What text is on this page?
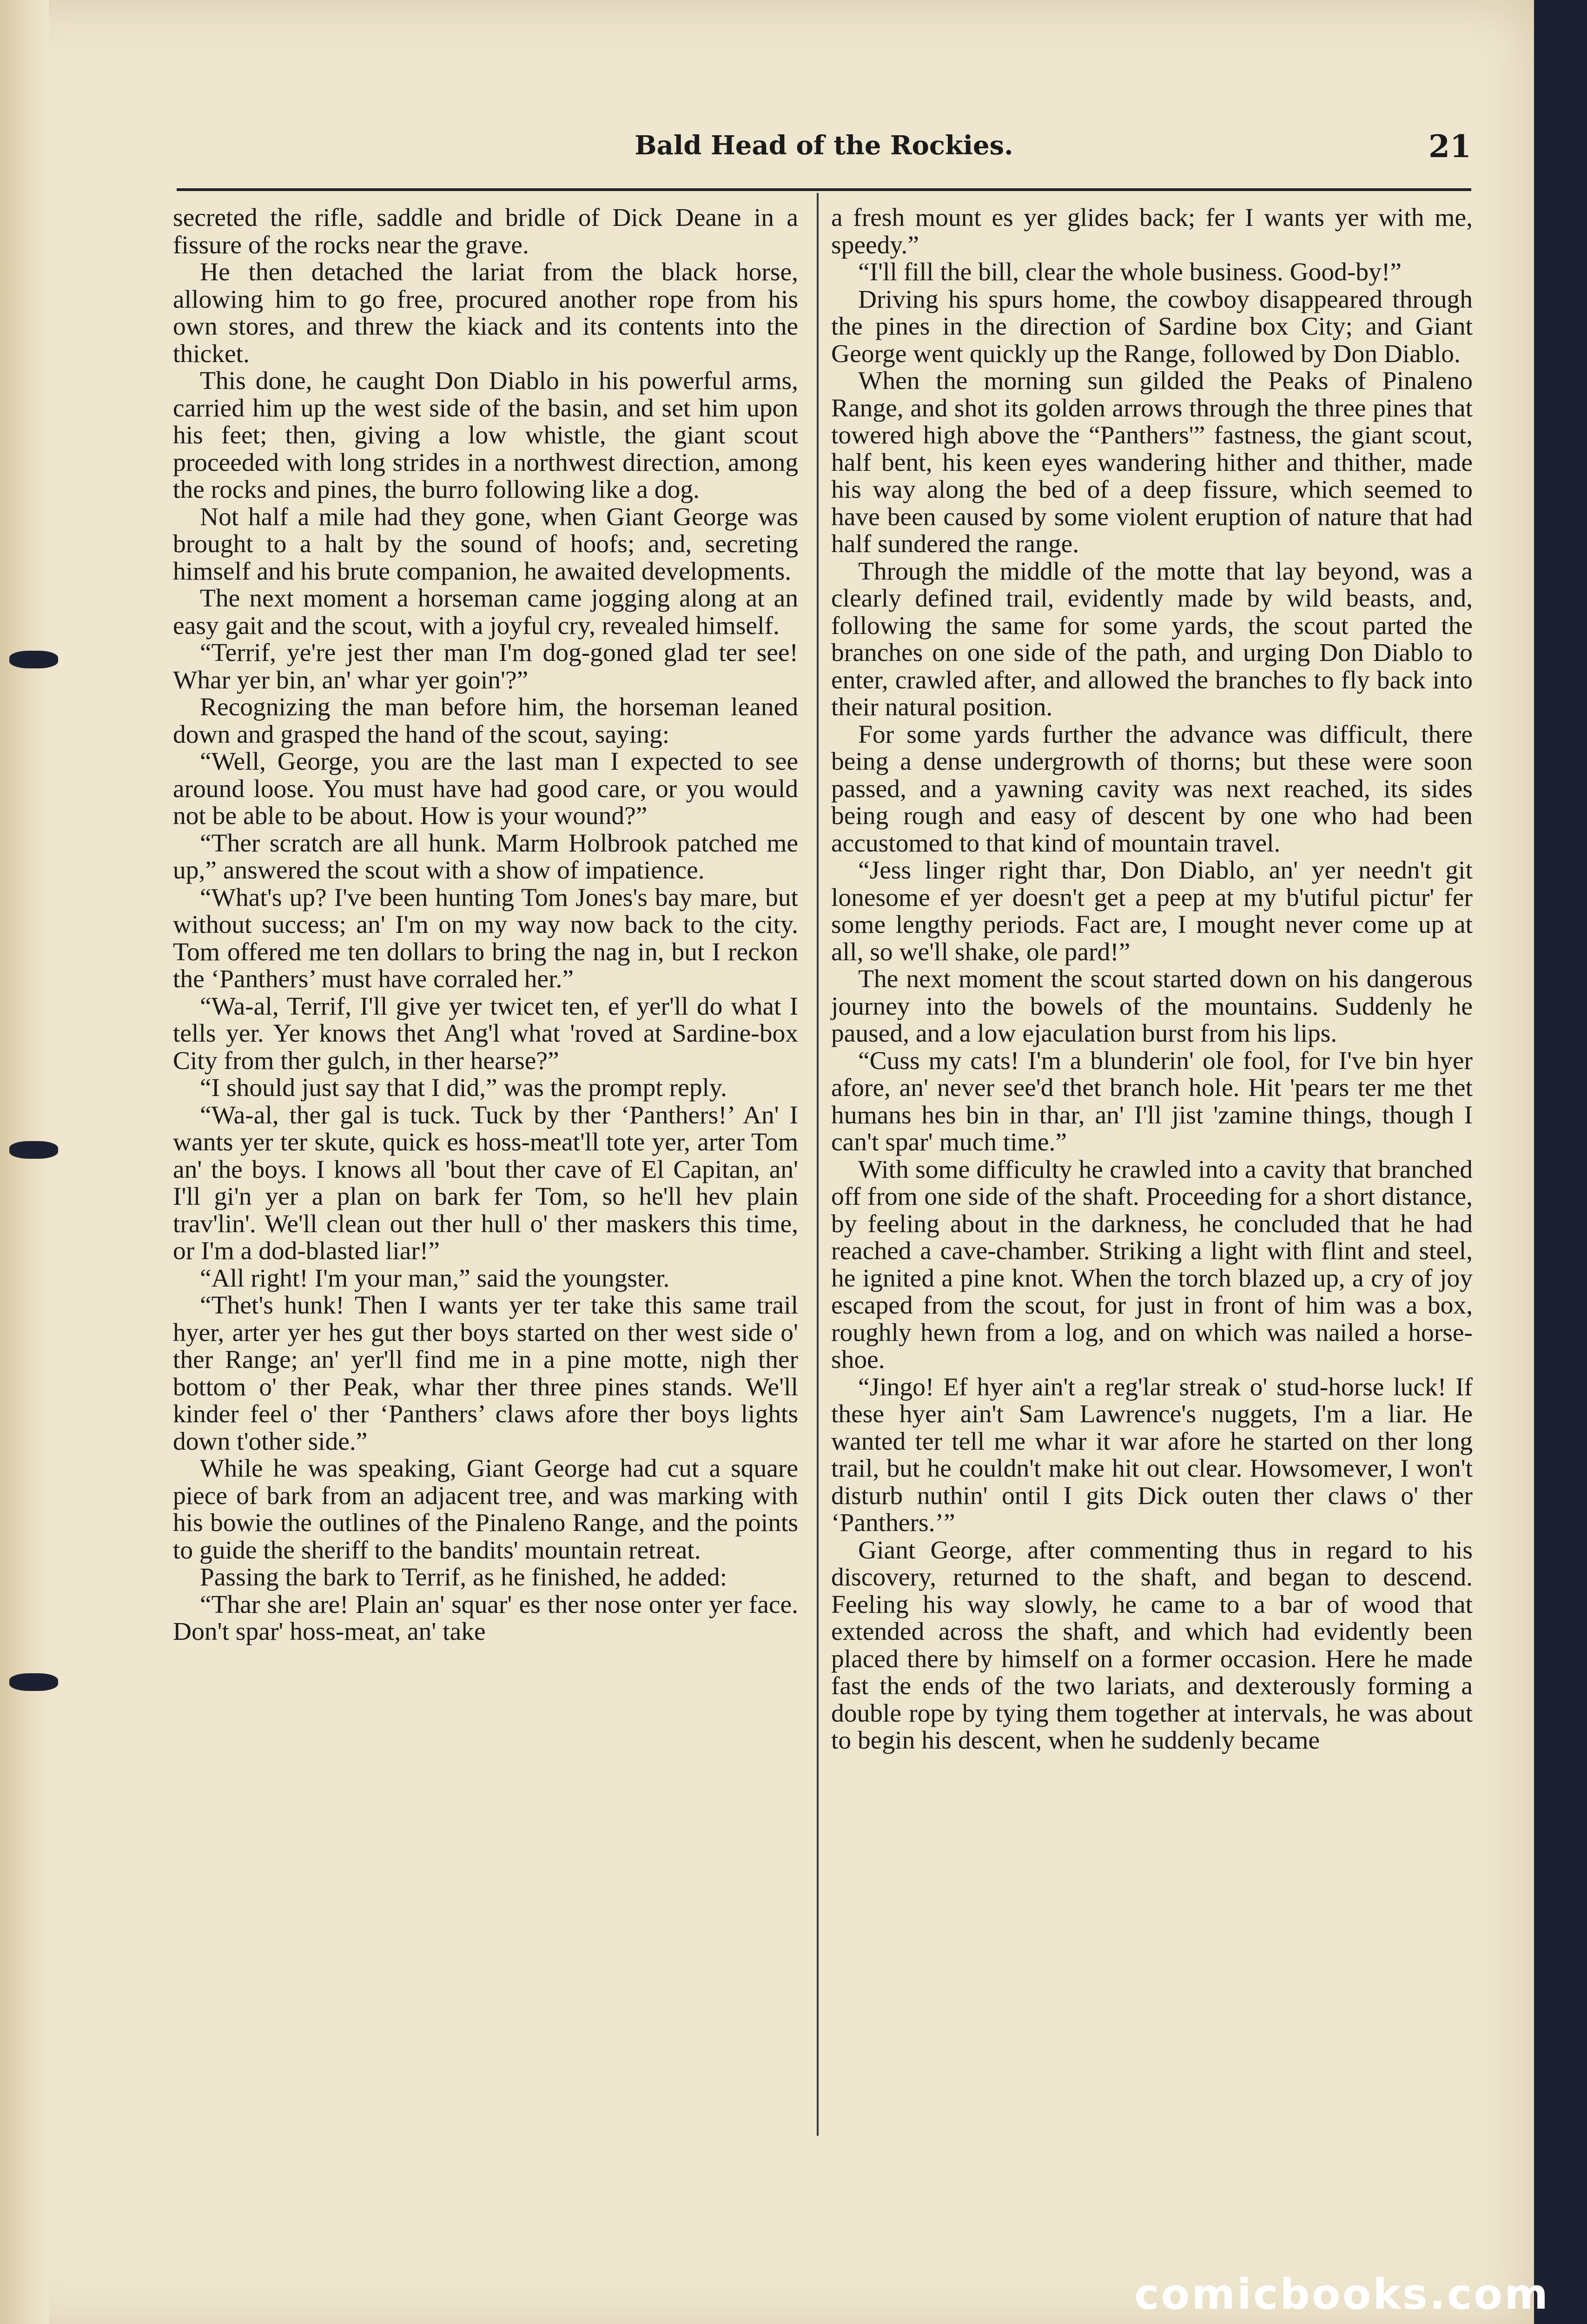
Bald Head of the Rockies.	21

secreted the rifle, saddle and bridle of Dick Deane in a fissure of the rocks near the grave.

He then detached the lariat from the black horse, allowing him to go free, procured another rope from his own stores, and threw the kiack and its contents into the thicket.

This done, he caught Don Diablo in his powerful arms, carried him up the west side of the basin, and set him upon his feet; then, giving a low whistle, the giant scout proceeded with long strides in a northwest direction, among the rocks and pines, the burro following like a dog.

Not half a mile had they gone, when Giant George was brought to a halt by the sound of hoofs; and, secreting himself and his brute companion, he awaited developments.

The next moment a horseman came jogging along at an easy gait and the scout, with a joyful cry, revealed himself.

“Terrif, ye're jest ther man I'm dog-goned glad ter see! Whar yer bin, an' whar yer goin'?”

Recognizing the man before him, the horseman leaned down and grasped the hand of the scout, saying:

“Well, George, you are the last man I expected to see around loose. You must have had good care, or you would not be able to be about. How is your wound?”

“Ther scratch are all hunk. Marm Holbrook patched me up,” answered the scout with a show of impatience.

“What's up? I've been hunting Tom Jones's bay mare, but without success; an' I'm on my way now back to the city. Tom offered me ten dollars to bring the nag in, but I reckon the ‘Panthers’ must have corraled her.”

“Wa-al, Terrif, I'll give yer twicet ten, ef yer'll do what I tells yer. Yer knows thet Ang'l what 'roved at Sardine-box City from ther gulch, in ther hearse?”

“I should just say that I did,” was the prompt reply.

“Wa-al, ther gal is tuck. Tuck by ther ‘Panthers!’ An' I wants yer ter skute, quick es hoss-meat'll tote yer, arter Tom an' the boys. I knows all 'bout ther cave of El Capitan, an' I'll gi'n yer a plan on bark fer Tom, so he'll hev plain trav'lin'. We'll clean out ther hull o' ther maskers this time, or I'm a dod-blasted liar!”

“All right! I'm your man,” said the youngster.

“Thet's hunk! Then I wants yer ter take this same trail hyer, arter yer hes gut ther boys started on ther west side o' ther Range; an' yer'll find me in a pine motte, nigh ther bottom o' ther Peak, whar ther three pines stands. We'll kinder feel o' ther ‘Panthers’ claws afore ther boys lights down t'other side.”

While he was speaking, Giant George had cut a square piece of bark from an adjacent tree, and was marking with his bowie the outlines of the Pinaleno Range, and the points to guide the sheriff to the bandits' mountain retreat.

Passing the bark to Terrif, as he finished, he added:

“Thar she are! Plain an' squar' es ther nose onter yer face. Don't spar' hoss-meat, an' take

a fresh mount es yer glides back; fer I wants yer with me, speedy.”

“I'll fill the bill, clear the whole business. Good-by!”

Driving his spurs home, the cowboy disappeared through the pines in the direction of Sardine box City; and Giant George went quickly up the Range, followed by Don Diablo.

When the morning sun gilded the Peaks of Pinaleno Range, and shot its golden arrows through the three pines that towered high above the “Panthers'” fastness, the giant scout, half bent, his keen eyes wandering hither and thither, made his way along the bed of a deep fissure, which seemed to have been caused by some violent eruption of nature that had half sundered the range.

Through the middle of the motte that lay beyond, was a clearly defined trail, evidently made by wild beasts, and, following the same for some yards, the scout parted the branches on one side of the path, and urging Don Diablo to enter, crawled after, and allowed the branches to fly back into their natural position.

For some yards further the advance was difficult, there being a dense undergrowth of thorns; but these were soon passed, and a yawning cavity was next reached, its sides being rough and easy of descent by one who had been accustomed to that kind of mountain travel.

“Jess linger right thar, Don Diablo, an' yer needn't git lonesome ef yer doesn't get a peep at my b'utiful pictur' fer some lengthy periods. Fact are, I mought never come up at all, so we'll shake, ole pard!”

The next moment the scout started down on his dangerous journey into the bowels of the mountains. Suddenly he paused, and a low ejaculation burst from his lips.

“Cuss my cats! I'm a blunderin' ole fool, for I've bin hyer afore, an' never see'd thet branch hole. Hit 'pears ter me thet humans hes bin in thar, an' I'll jist 'zamine things, though I can't spar' much time.”

With some difficulty he crawled into a cavity that branched off from one side of the shaft. Proceeding for a short distance, by feeling about in the darkness, he concluded that he had reached a cave-chamber. Striking a light with flint and steel, he ignited a pine knot. When the torch blazed up, a cry of joy escaped from the scout, for just in front of him was a box, roughly hewn from a log, and on which was nailed a horse-shoe.

“Jingo! Ef hyer ain't a reg'lar streak o' stud-horse luck! If these hyer ain't Sam Lawrence's nuggets, I'm a liar. He wanted ter tell me whar it war afore he started on ther long trail, but he couldn't make hit out clear. Howsomever, I won't disturb nuthin' ontil I gits Dick outen ther claws o' ther ‘Panthers.’”

Giant George, after commenting thus in regard to his discovery, returned to the shaft, and began to descend. Feeling his way slowly, he came to a bar of wood that extended across the shaft, and which had evidently been placed there by himself on a former occasion. Here he made fast the ends of the two lariats, and dexterously forming a double rope by tying them together at intervals, he was about to begin his descent, when he suddenly became

comicbooks.com
